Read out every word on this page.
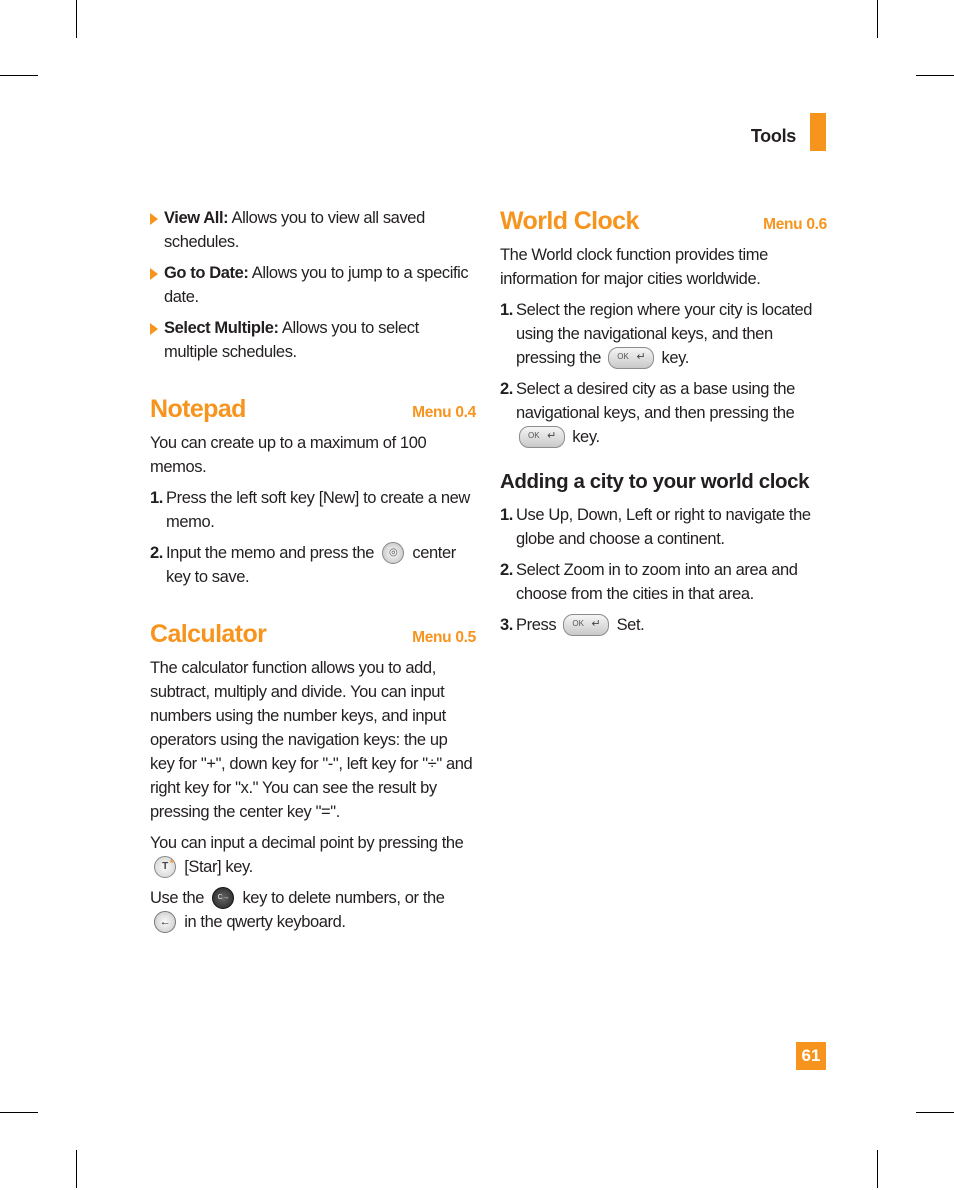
Tools
View All: Allows you to view all saved schedules.
Go to Date: Allows you to jump to a specific date.
Select Multiple: Allows you to select multiple schedules.
Notepad	Menu 0.4

You can create up to a maximum of 100 memos.

1. Press the left soft key [New] to create a new memo.
2. Input the memo and press the ◎ center key to save.
Calculator	Menu 0.5

The calculator function allows you to add, subtract, multiply and divide. You can input numbers using the number keys, and input operators using the navigation keys: the up key for "+", down key for "-", left key for "÷" and right key for "x." You can see the result by pressing the center key "=".

You can input a decimal point by pressing the T * [Star] key.

Use the C→ key to delete numbers, or the ← in the qwerty keyboard.

World Clock	Menu 0.6

The World clock function provides time information for major cities worldwide.

1. Select the region where your city is located using the navigational keys, and then pressing the OK ↵ key.
2. Select a desired city as a base using the navigational keys, and then pressing the
OK ↵ key.
Adding a city to your world clock
1. Use Up, Down, Left or right to navigate the globe and choose a continent.
2. Select Zoom in to zoom into an area and choose from the cities in that area.
3. Press OK ↵ Set.
61
